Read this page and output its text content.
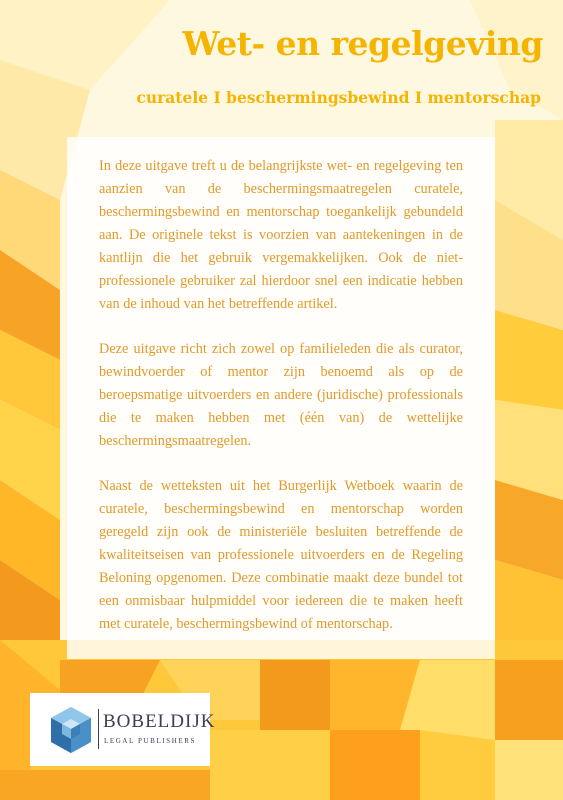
Wet- en regelgeving
curatele I beschermingsbewind I mentorschap

In deze uitgave treft u de belangrijkste wet- en regelgeving ten aanzien van de beschermingsmaatregelen curatele, beschermingsbewind en mentorschap toegankelijk gebundeld aan. De originele tekst is voorzien van aantekeningen in de kantlijn die het gebruik vergemakkelijken. Ook de niet-professionele gebruiker zal hierdoor snel een indicatie hebben van de inhoud van het betreffende artikel.

Deze uitgave richt zich zowel op familieleden die als curator, bewindvoerder of mentor zijn benoemd als op de beroepsmatige uitvoerders en andere (juridische) professionals die te maken hebben met (één van) de wettelijke beschermingsmaatregelen.

Naast de wetteksten uit het Burgerlijk Wetboek waarin de curatele, beschermingsbewind en mentorschap worden geregeld zijn ook de ministeriële besluiten betreffende de kwaliteitseisen van professionele uitvoerders en de Regeling Beloning opgenomen. Deze combinatie maakt deze bundel tot een onmisbaar hulpmiddel voor iedereen die te maken heeft met curatele, beschermingsbewind of mentorschap.

BOBELDIJK
LEGAL PUBLISHERS
